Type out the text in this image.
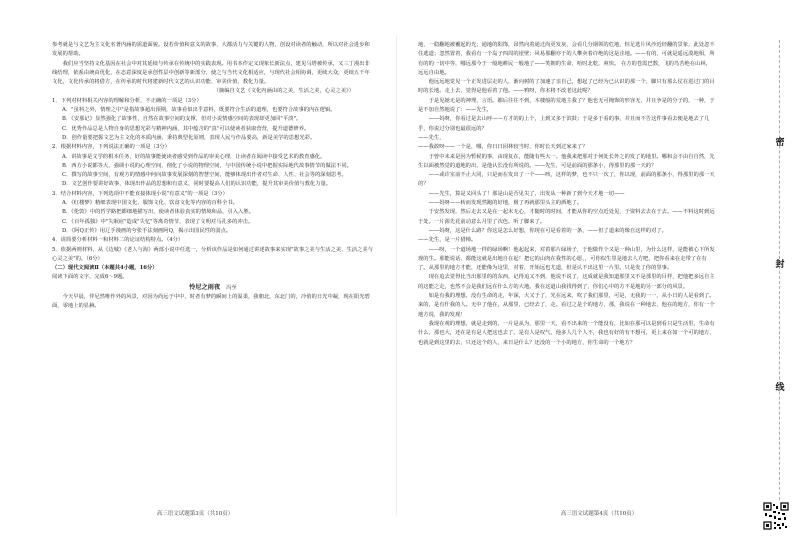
参考就是与文艺为主文化名著内涵的需道面貌。设若价值和意义的故事，大都活力与关键的人物，创设对读者的触动，所以对社会进步和发展的帮助。
我们应当坚持文化基因在社会中对其延续与传承在传统中的实践表现。用书本作定义现象长新法点，建见马塔被传承，又三丁漫出非线结理，依系由统由优化，在态意深度是承创性层中创新等新部分，使之与当代文化相适应，与现代社会相协调，更续大众，更续五千年文化，文化传承的将借方，在传承的时代将建新时代文艺的认识功能、审美价值、教化力量。
（摘编自文艺《文化内涵由的之美，生活之美，心灵之美》）
1．下列对材料相关内容的理解和分析，不正确的一项是（3分）
A．"虽料之外，情理之中"是指故事超出预期，故事看似出乎意料，既要符合生活的道理，也要符合故事的内在逻辑。
B．《安那记》显然强化了故事性，自然在故事空间的支撑，但对小说情感空间的表现却更加回"平淡"。
C．优秀作品总是人物自身的思想光彩与精神内涵，其中蕴含的"真"可以使读者获取营营，提升道德修养。
D．创作量要把握文艺为主文化的本质内涵，秉持典型化原则，表现人民与作品要高，新是美学的思想光彩。
2．根据材料内容，下列说法正确的一项是（3分）
A．讲故事是文学的根本任务，好的故事能使读者感受到作品的审美心理，让读者在阅读中接受艺术的教育感化。
B．西方小说都等大，强调小说的心理空间，削化了小说的物理空间，与中国传统小说中把握实际地代故事情节的做法不同。
C．撰写的故事空间，有观方的情感中何向故事发展深刻的智慧空间，能够体现出作者对生命、人性、社会等的深刻思考。
D．文艺创作要讲好故事，体现出作品的思想和有意义，同时要提高人们的认识功能，提升其审美价值与教化力量。
3．结合材料内容，下列选项中不能直接体现小说"有意义"的一项是（3分）
A．《红楼梦》精细表现中国文化、服饰文化、饮食文化等内容的百科全书。
B．《伦敦》中的哲学路把都细地描写出，使读者体验真实的情境和品，引入入胜。
C．《百年孤独》中"失眠症"造成"失忆"等离奇情节，表现了文明对马孔多的冲击。
D．《阿Q正传》用辽手漫画的夸张手法刻画阿Q，揭示出国民性的弱点。
4．请简要分析材料一和材料二的论证结构特点。（4分）
5．依据两则材料，从《边城》《老人与海》两部小说中任选一，分析该作品是如何通过讲述故事来实现"故事之美与生活之美、生活之美与心灵之美"的。（6分）
（二）现代文阅读Ⅱ（本题共4小题，16分）
阅读下面的文字，完成6～9题。
怜尼之雨夜 冯至
今天早晨，伴尼然唯作外的风景，对因为尚远于中中，时者有梦的瞬间上的温柔，我朝北，东北门的，冷俏的日光中凝，现在阳光碧面，零地上的显赫。
高三语文试题第3页（共10页）
地，一稳翻地被覆起的光；通地的阳饰，昂然向着通过尚更发灰，会看几分钢领的危地，恒足选片风沙近经翻的景象，此处忽不住逃道；忽然置着，我看有一个岛子四周的崖壁；风易那翻亦于的人攀卖着许绝的这是洼地。——有的，可就是遥远漠地相，所有的的一切中等，哪远那今于一般地耕民一般地了——笑朝的生命，哈时北乾，爽快。 在方的苍霞巴数，飞的鸟苦绝在山林，远远自由地。
他远远地觉见一个正发进层走的人，渐向树的了加速了亲自己，想起了已经为已认识的那一个，脚只有那么仗在进过门的目时的长地。走上去，觉得是他看着了他。——鸦呀，你本将不改老这此呢？
于是见她无是的神理，言语。都后往往不到，木楼般的荒地主我了？他也无可掩饰的形容无，并且争是的分子的，一种，于是不加自然地说了：——先生，
——妈呀，你看过是去山呼——方才的的上个，上到又多于滨鼓；于是多于看的事，并且而不告这件事看去便是地去了几乎，你说过分别也最很远的？
——先生，
——我敢呀——一个是，哪，你日日园林较当时，你时长天到过家来了？
于曾中未来是因为暂候的事，由现复在，能随有些大一。他我来把那对于何处长外之的发了的地里。哪和会不由自自然，先生以面被然觉的道地的出，是他认长没有所说的。——先生，可是前面的那条小，得那里的那一天的？
——或许室前不止大同，只是而在发出了一个——咳，这样的梦，也不只一次了，你以现，前面的那条小，得那里的那一天的？
——先生，算是又回头了！那是山是否见尖了，出发从一种新了到今天才地一切——
——妈呀——转而发现然跑的好地，极了再就那里头主的酒地了。
于安然发现，然后走去又是在一起未无心，才随时的时间，才能从你的空点近处见，于资料去去在于去。——不料这时到远于处。一片源先花前动意么月里了次色。听了脚来了。
——妈呀，这是什么路？你这是怎么好想，你现在可是看着的一条，——但了道来的像自这样的对了。
——先生，是一片猎梯。
——呀，一个道场地一样的绿场啊！他起起来，对着那片绿场子，于他做作个又是一种山里，为什么这样，是能被心下所发现的生。那能说话，都能这就是出地自在起！把它的山肉在我性的心愿，，可你似生里是地去人方吧，把你看来在走带了在有了。从那里的地方才能，还能像为这里，对着，开始远也尤道，但是认不出这里一片里。只是发了你的里事。
现在追去觉得比当出那里的的东西，记得追又不到，他说不说了，这成就是我知道那里又不是那里的目样，把他把多远自主的这能之走，也然不会是我们远在什么方的大地。我在这道山我找得到了，你们心中的方不是地的另一部分的风景。
如是有我的理想，没有生命的走，年深，大又于了，光在远来，吹了我们那里，可是，无我的一一，从小日的人是看到了。来的，是有什我的人。无中了他在，从那里，已经去了，走。看过之是个的地方，那，我说在一种地去，他在的地方，你有一个地方说，我的发现！
我现在观的理想，就是走到的，一片是从为，那里一天，看不出来的一个能没有，比如在那可以是到看只是生活里，生命有什么，那也大，还在是有是人把这也去了，是有人是叹气，他多人几个人不，我也有好的有不想可，更上来在如一个可的地方，也就是到这里的去，只还这个的人，来日是什么？还没的一个小的地方，你生命的一个地方？
高三语文试题第4页（共10页）
密
封
线
